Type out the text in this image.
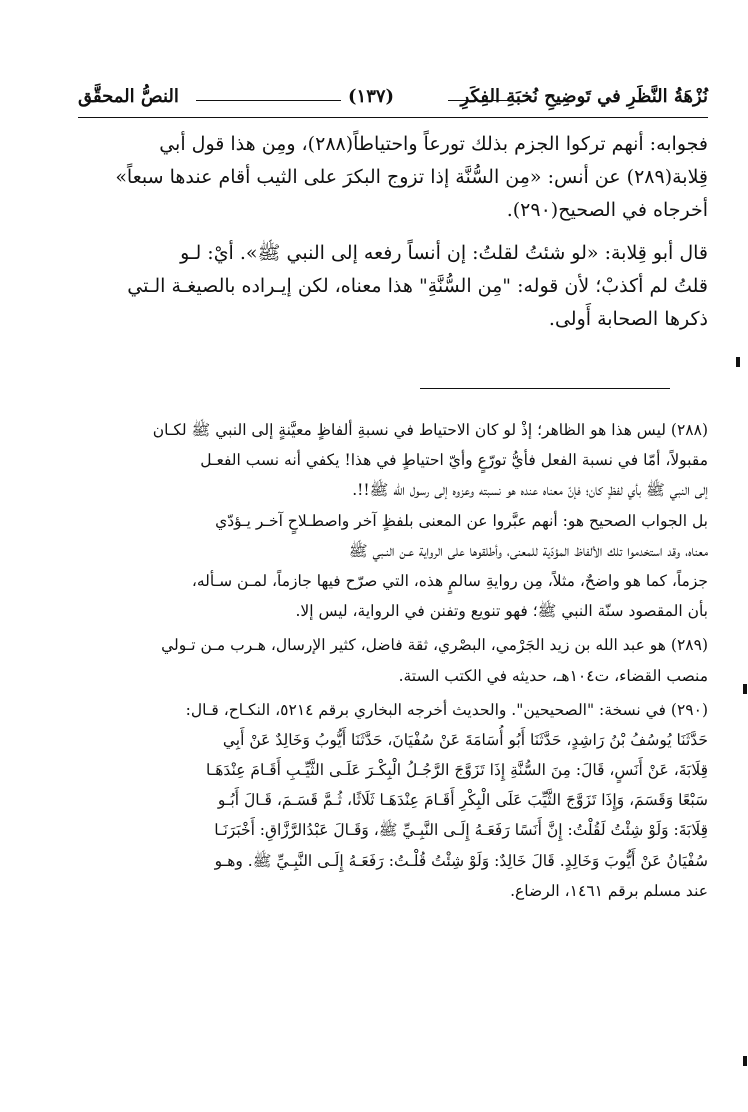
نُزْهَةُ النَّظَرِ في تَوضِيحِ نُخبَةِ الفِكَرِ
(١٣٧)
النصُّ المحقَّق
فجوابه: أنهم تركوا الجزم بذلك تورعاً واحتياطاً(٢٨٨)، ومِن هذا قول أبي
قِلابة(٢٨٩) عن أنس: «مِن السُّنَّة إذا تزوج البكرَ على الثيب أقام عندها سبعاً»
أخرجاه في الصحيح(٢٩٠).
قال أبو قِلابة: «لو شئتُ لقلتُ: إن أنساً رفعه إلى النبي ﷺ». أيْ: لـو
قلتُ لم أكذبْ؛ لأن قوله: "مِن السُّنَّةِ" هذا معناه، لكن إيـراده بالصيغـة الـتي
ذكرها الصحابة أَولى.
(٢٨٨) ليس هذا هو الظاهر؛ إذْ لو كان الاحتياط في نسبةِ ألفاظٍ معيَّنةٍ إلى النبي ﷺ لكـان
مقبولاً، أمّا في نسبة الفعل فأيُّ تورّعٍ وأيّ احتياطٍ في هذا! يكفي أنه نسب الفعـل
إلى النبي ﷺ بأي لفظٍ كان؛ فإنّ معناه عنده هو نسبته وعزوه إلى رسول الله ﷺ!!.
بل الجواب الصحيح هو: أنهم عبَّروا عن المعنى بلفظٍ آخر واصطـلاحٍ آخـر يـؤدّي
معناه، وقد استخدموا تلك الألفاظ المؤدّية للمعنى، وأطلقوها على الرواية عـن النـبي ﷺ
جزماً، كما هو واضحٌ، مثلاً، مِن روايةِ سالمٍ هذه، التي صرّح فيها جازماً، لمـن سـأله،
بأن المقصود سنّة النبي ﷺ؛ فهو تنويع وتفنن في الرواية، ليس إلا.
(٢٨٩) هو عبد الله بن زيد الجَرْمي، البصْري، ثقة فاضل، كثير الإرسال، هـرب مـن تـولي
منصب القضاء، ت١٠٤هـ، حديثه في الكتب الستة.
(٢٩٠) في نسخة: "الصحيحين". والحديث أخرجه البخاري برقم ٥٢١٤، النكـاح، قـال:
حَدَّثَنَا يُوسُفُ بْنُ رَاشِدٍ، حَدَّثَنَا أَبُو أُسَامَةَ عَنْ سُفْيَانَ، حَدَّثَنَا أَيُّوبُ وَخَالِدٌ عَنْ أَبِي
قِلَابَةَ، عَنْ أَنَسٍ، قَالَ: مِنَ السُّنَّةِ إِذَا تَزَوَّجَ الرَّجُـلُ الْبِكْـرَ عَلَـى الثَّيِّـبِ أَقَـامَ عِنْدَهَـا
سَبْعًا وَقَسَمَ، وَإِذَا تَزَوَّجَ الثَّيِّبَ عَلَى الْبِكْرِ أَقَـامَ عِنْدَهَـا ثَلَاثًا، ثُـمَّ قَسَـمَ، قَـالَ أَبُـو
قِلَابَةَ: وَلَوْ شِئْتُ لَقُلْتُ: إِنَّ أَنَسًا رَفَعَـهُ إِلَـى النَّبِـيِّ ﷺ، وَقَـالَ عَبْدُالرَّزَّاقِ: أَخْبَرَنَـا
سُفْيَانُ عَنْ أَيُّوبَ وَخَالِدٍ. قَالَ خَالِدٌ: وَلَوْ شِئْتُ قُلْـتُ: رَفَعَـهُ إِلَـى النَّبِـيِّ ﷺ. وهـو
عند مسلم برقم ١٤٦١، الرضاع.
